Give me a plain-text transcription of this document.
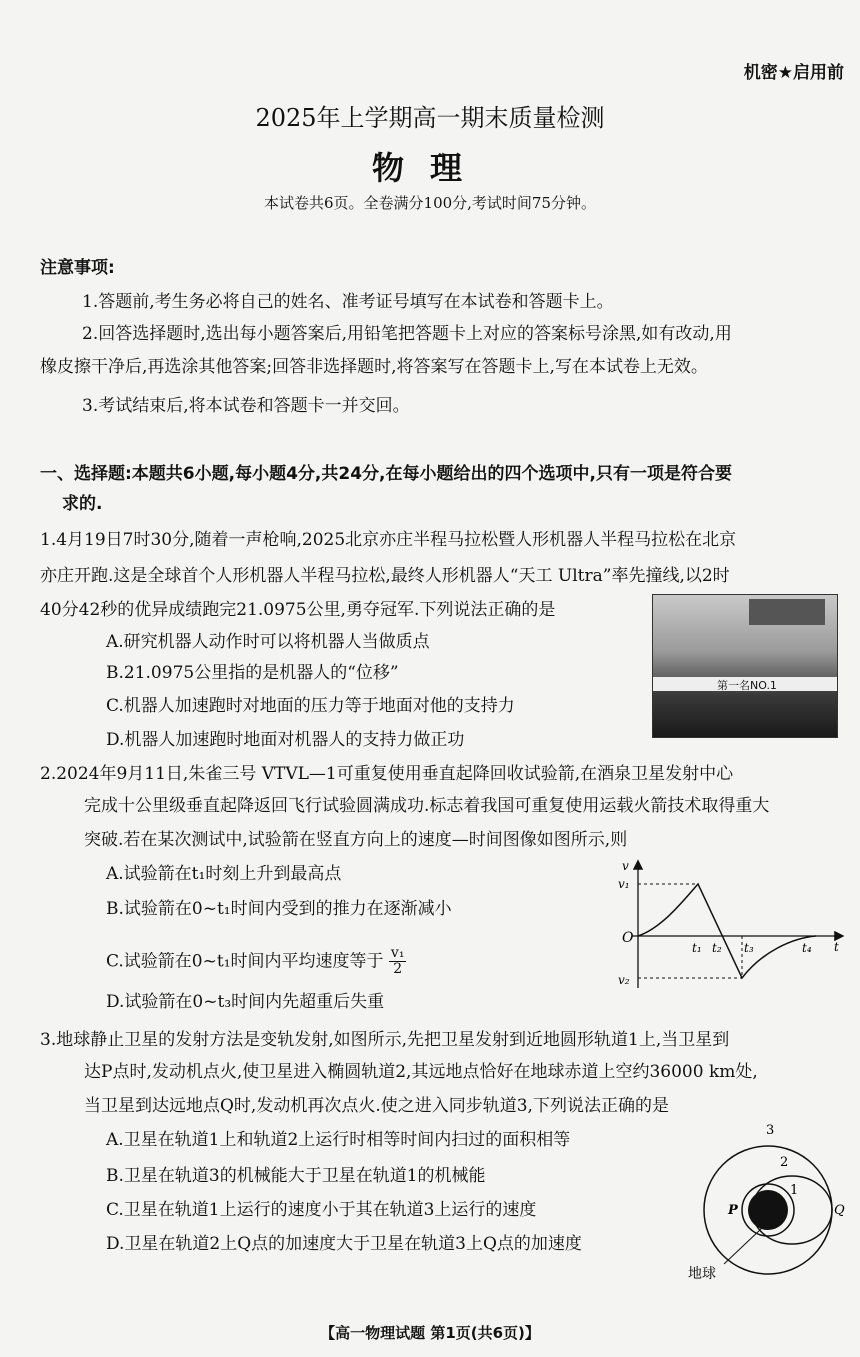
机密★启用前
2025年上学期高一期末质量检测
物理
本试卷共6页。全卷满分100分,考试时间75分钟。
注意事项:
1.答题前,考生务必将自己的姓名、准考证号填写在本试卷和答题卡上。
2.回答选择题时,选出每小题答案后,用铅笔把答题卡上对应的答案标号涂黑,如有改动,用
橡皮擦干净后,再选涂其他答案;回答非选择题时,将答案写在答题卡上,写在本试卷上无效。
3.考试结束后,将本试卷和答题卡一并交回。
一、选择题:本题共6小题,每小题4分,共24分,在每小题给出的四个选项中,只有一项是符合要
求的.
1.4月19日7时30分,随着一声枪响,2025北京亦庄半程马拉松暨人形机器人半程马拉松在北京
亦庄开跑.这是全球首个人形机器人半程马拉松,最终人形机器人“天工 Ultra”率先撞线,以2时
40分42秒的优异成绩跑完21.0975公里,勇夺冠军.下列说法正确的是
A.研究机器人动作时可以将机器人当做质点
B.21.0975公里指的是机器人的“位移”
C.机器人加速跑时对地面的压力等于地面对他的支持力
D.机器人加速跑时地面对机器人的支持力做正功
第一名NO.1
2.2024年9月11日,朱雀三号 VTVL—1可重复使用垂直起降回收试验箭,在酒泉卫星发射中心
完成十公里级垂直起降返回飞行试验圆满成功.标志着我国可重复使用运载火箭技术取得重大
突破.若在某次测试中,试验箭在竖直方向上的速度—时间图像如图所示,则
A.试验箭在t₁时刻上升到最高点
B.试验箭在0~t₁时间内受到的推力在逐渐减小
C.试验箭在0~t₁时间内平均速度等于 $\frac{\text{v₁}}{2}$
D.试验箭在0~t₃时间内先超重后失重
v
t
O
v₁
v₂
t₁ t₂ t₃	t₄
3.地球静止卫星的发射方法是变轨发射,如图所示,先把卫星发射到近地圆形轨道1上,当卫星到
达P点时,发动机点火,使卫星进入椭圆轨道2,其远地点恰好在地球赤道上空约36000 km处,
当卫星到达远地点Q时,发动机再次点火.使之进入同步轨道3,下列说法正确的是
A.卫星在轨道1上和轨道2上运行时相等时间内扫过的面积相等
B.卫星在轨道3的机械能大于卫星在轨道1的机械能
C.卫星在轨道1上运行的速度小于其在轨道3上运行的速度
D.卫星在轨道2上Q点的加速度大于卫星在轨道3上Q点的加速度
3
2
1
P	Q
地球
【高一物理试题 第1页(共6页)】
